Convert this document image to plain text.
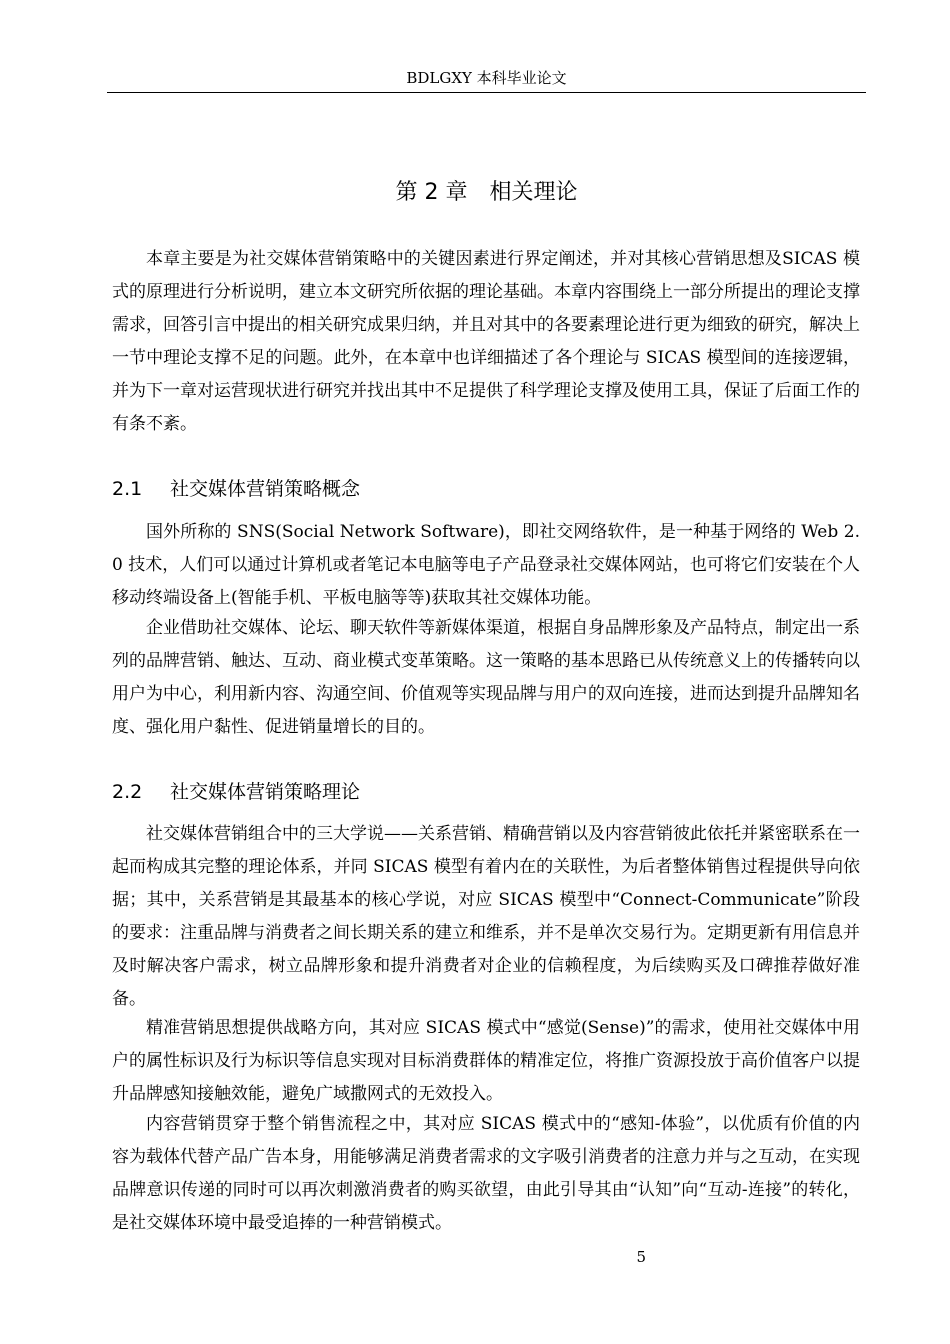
BDLGXY 本科毕业论文
第 2 章 相关理论

本章主要是为社交媒体营销策略中的关键因素进行界定阐述，并对其核心营销思想及SICAS 模式的原理进行分析说明，建立本文研究所依据的理论基础。本章内容围绕上一部分所提出的理论支撑需求，回答引言中提出的相关研究成果归纳，并且对其中的各要素理论进行更为细致的研究，解决上一节中理论支撑不足的问题。此外，在本章中也详细描述了各个理论与 SICAS 模型间的连接逻辑，并为下一章对运营现状进行研究并找出其中不足提供了科学理论支撑及使用工具，保证了后面工作的有条不紊。

2.1 社交媒体营销策略概念

国外所称的 SNS(Social Network Software)，即社交网络软件，是一种基于网络的 Web 2.0 技术，人们可以通过计算机或者笔记本电脑等电子产品登录社交媒体网站，也可将它们安装在个人移动终端设备上(智能手机、平板电脑等等)获取其社交媒体功能。

企业借助社交媒体、论坛、聊天软件等新媒体渠道，根据自身品牌形象及产品特点，制定出一系列的品牌营销、触达、互动、商业模式变革策略。这一策略的基本思路已从传统意义上的传播转向以用户为中心，利用新内容、沟通空间、价值观等实现品牌与用户的双向连接，进而达到提升品牌知名度、强化用户黏性、促进销量增长的目的。

2.2 社交媒体营销策略理论

社交媒体营销组合中的三大学说——关系营销、精确营销以及内容营销彼此依托并紧密联系在一起而构成其完整的理论体系，并同 SICAS 模型有着内在的关联性，为后者整体销售过程提供导向依据；其中，关系营销是其最基本的核心学说，对应 SICAS 模型中“Connect-Communicate”阶段的要求：注重品牌与消费者之间长期关系的建立和维系，并不是单次交易行为。定期更新有用信息并及时解决客户需求，树立品牌形象和提升消费者对企业的信赖程度，为后续购买及口碑推荐做好准备。

精准营销思想提供战略方向，其对应 SICAS 模式中“感觉(Sense)”的需求，使用社交媒体中用户的属性标识及行为标识等信息实现对目标消费群体的精准定位，将推广资源投放于高价值客户以提升品牌感知接触效能，避免广域撒网式的无效投入。

内容营销贯穿于整个销售流程之中，其对应 SICAS 模式中的“感知-体验”，以优质有价值的内容为载体代替产品广告本身，用能够满足消费者需求的文字吸引消费者的注意力并与之互动，在实现品牌意识传递的同时可以再次刺激消费者的购买欲望，由此引导其由“认知”向“互动-连接”的转化，是社交媒体环境中最受追捧的一种营销模式。

5
